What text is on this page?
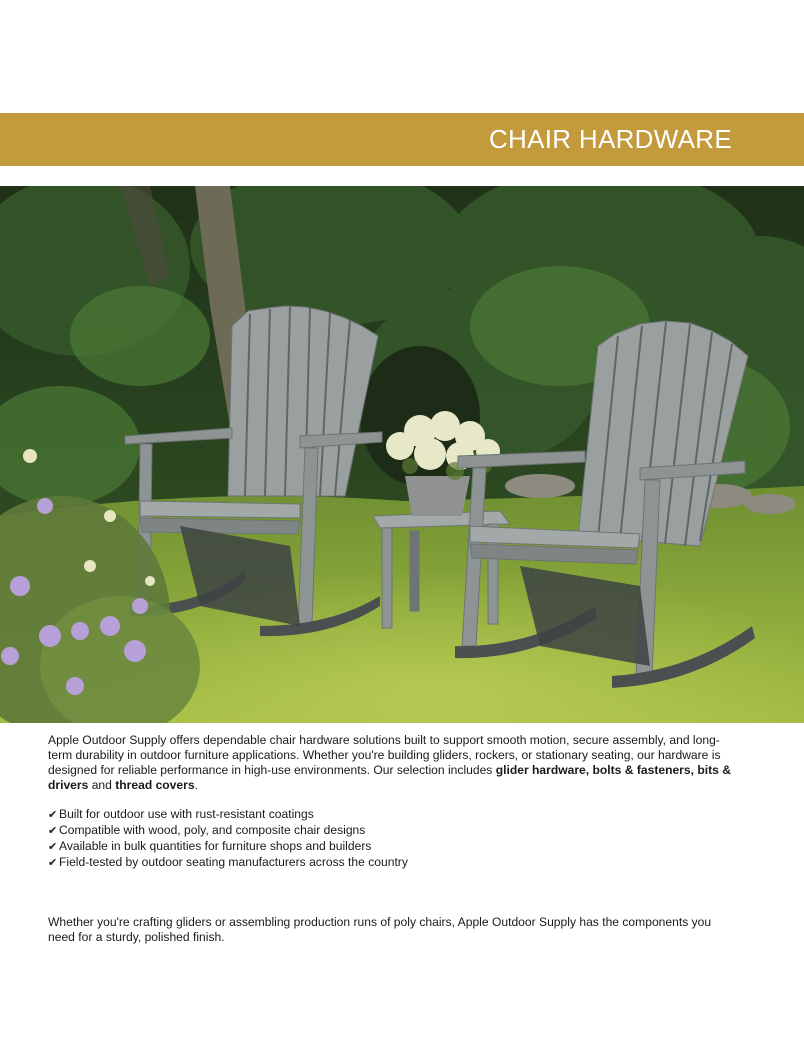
CHAIR HARDWARE

Apple Outdoor Supply offers dependable chair hardware solutions built to support smooth motion, secure assembly, and long-term durability in outdoor furniture applications. Whether you're building gliders, rockers, or stationary seating, our hardware is designed for reliable performance in high-use environments. Our selection includes glider hardware, bolts & fasteners, bits & drivers and thread covers.

✔ Built for outdoor use with rust-resistant coatings
✔ Compatible with wood, poly, and composite chair designs
✔ Available in bulk quantities for furniture shops and builders
✔ Field-tested by outdoor seating manufacturers across the country

Whether you're crafting gliders or assembling production runs of poly chairs, Apple Outdoor Supply has the components you need for a sturdy, polished finish.
